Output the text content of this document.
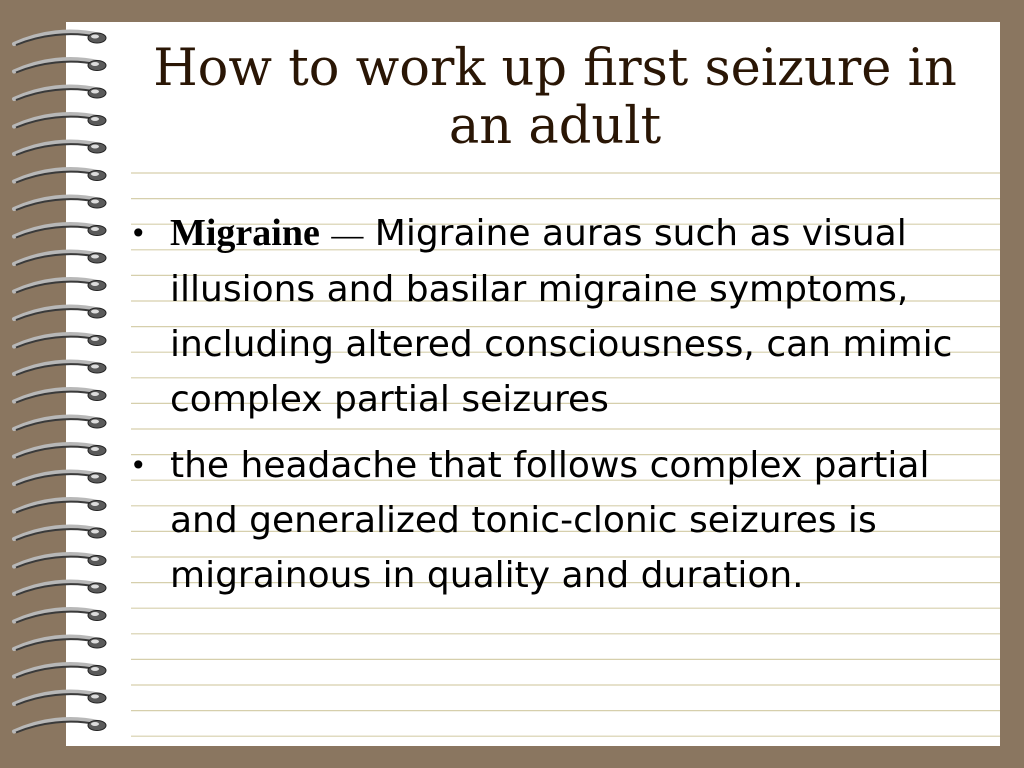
How to work up first seizure in
an adult
• Migraine — Migraine auras such as visual illusions and basilar migraine symptoms, including altered consciousness, can mimic complex partial seizures
• the headache that follows complex partial and generalized tonic-clonic seizures is migrainous in quality and duration.
